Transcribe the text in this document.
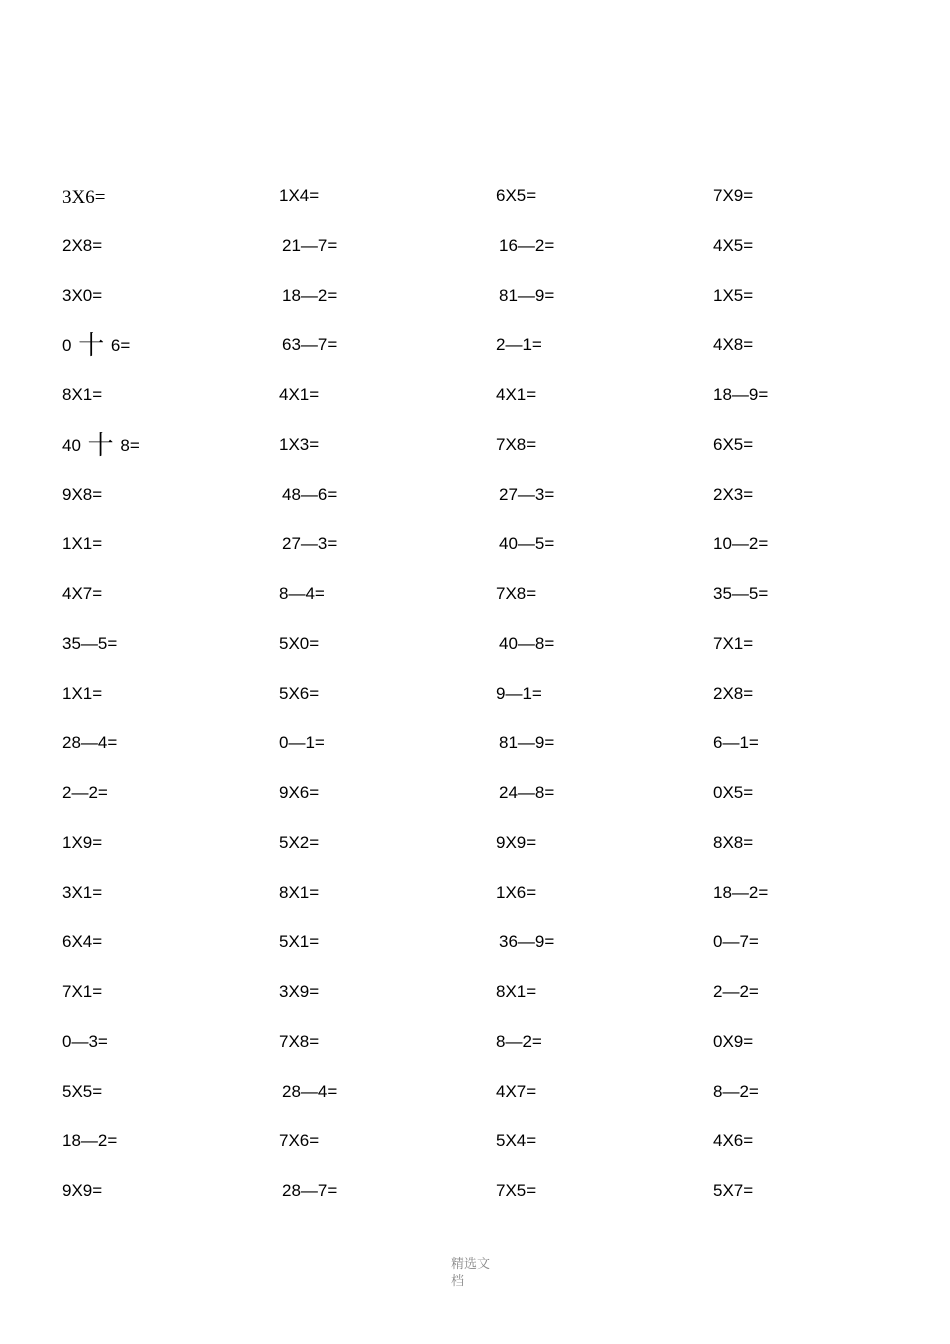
3X6=	1X4=	6X5=	7X9=
2X8=	21—7=	16—2=	4X5=
3X0=	18—2=	81—9=	1X5=
0 十 6=	63—7=	2—1=	4X8=
8X1=	4X1=	4X1=	18—9=
40 十 8=	1X3=	7X8=	6X5=
9X8=	48—6=	27—3=	2X3=
1X1=	27—3=	40—5=	10—2=
4X7=	8—4=	7X8=	35—5=
35—5=	5X0=	40—8=	7X1=
1X1=	5X6=	9—1=	2X8=
28—4=	0—1=	81—9=	6—1=
2—2=	9X6=	24—8=	0X5=
1X9=	5X2=	9X9=	8X8=
3X1=	8X1=	1X6=	18—2=
6X4=	5X1=	36—9=	0—7=
7X1=	3X9=	8X1=	2—2=
0—3=	7X8=	8—2=	0X9=
5X5=	28—4=	4X7=	8—2=
18—2=	7X6=	5X4=	4X6=
9X9=	28—7=	7X5=	5X7=
精选文档
